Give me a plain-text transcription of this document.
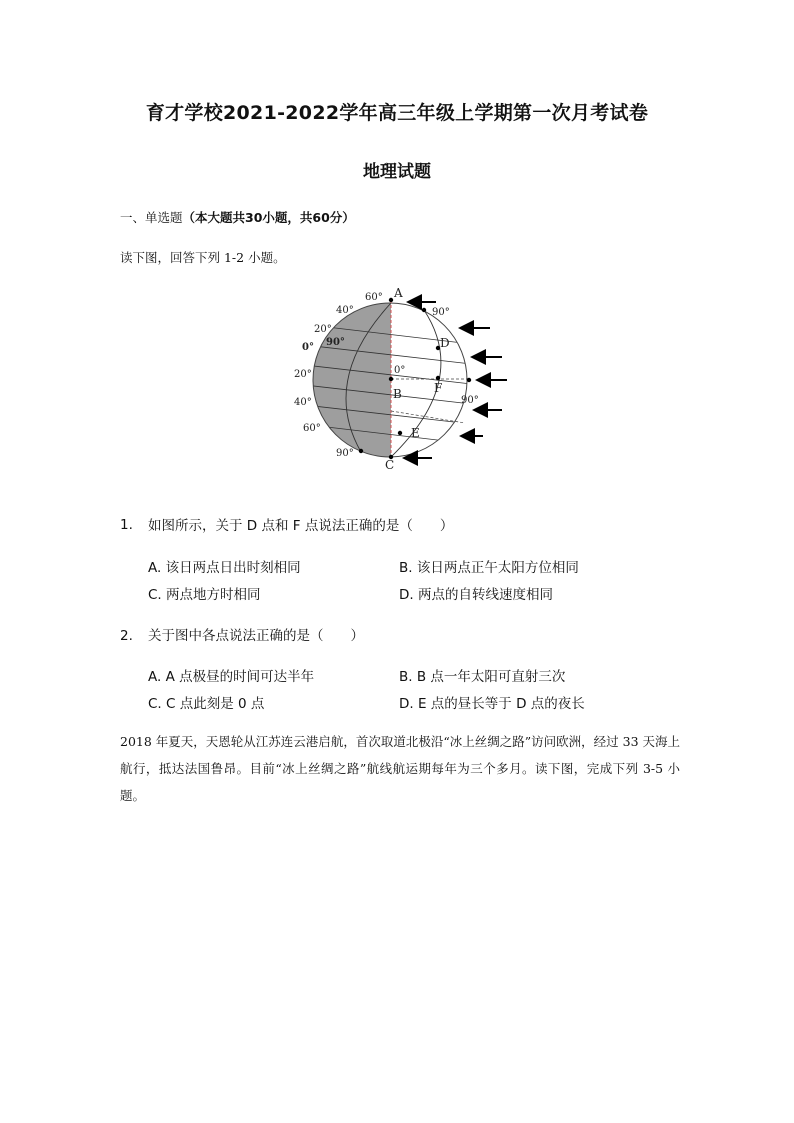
育才学校2021-2022学年高三年级上学期第一次月考试卷
地理试题
一、单选题（本大题共30小题，共60分）
读下图，回答下列 1-2 小题。
A
D
F
B
E
C
60°
40°
20°
0° 90°
20°
40°
60°
90°
90°
0°
90°
1. 如图所示，关于 D 点和 F 点说法正确的是（　　）
A. 该日两点日出时刻相同	B. 该日两点正午太阳方位相同
C. 两点地方时相同	D. 两点的自转线速度相同
2. 关于图中各点说法正确的是（　　）
A. A 点极昼的时间可达半年	B. B 点一年太阳可直射三次
C. C 点此刻是 0 点	D. E 点的昼长等于 D 点的夜长
2018 年夏天，天恩轮从江苏连云港启航，首次取道北极沿“冰上丝绸之路”访问欧洲，经过 33 天海上航行，抵达法国鲁昂。目前“冰上丝绸之路”航线航运期每年为三个多月。读下图，完成下列 3-5 小题。
